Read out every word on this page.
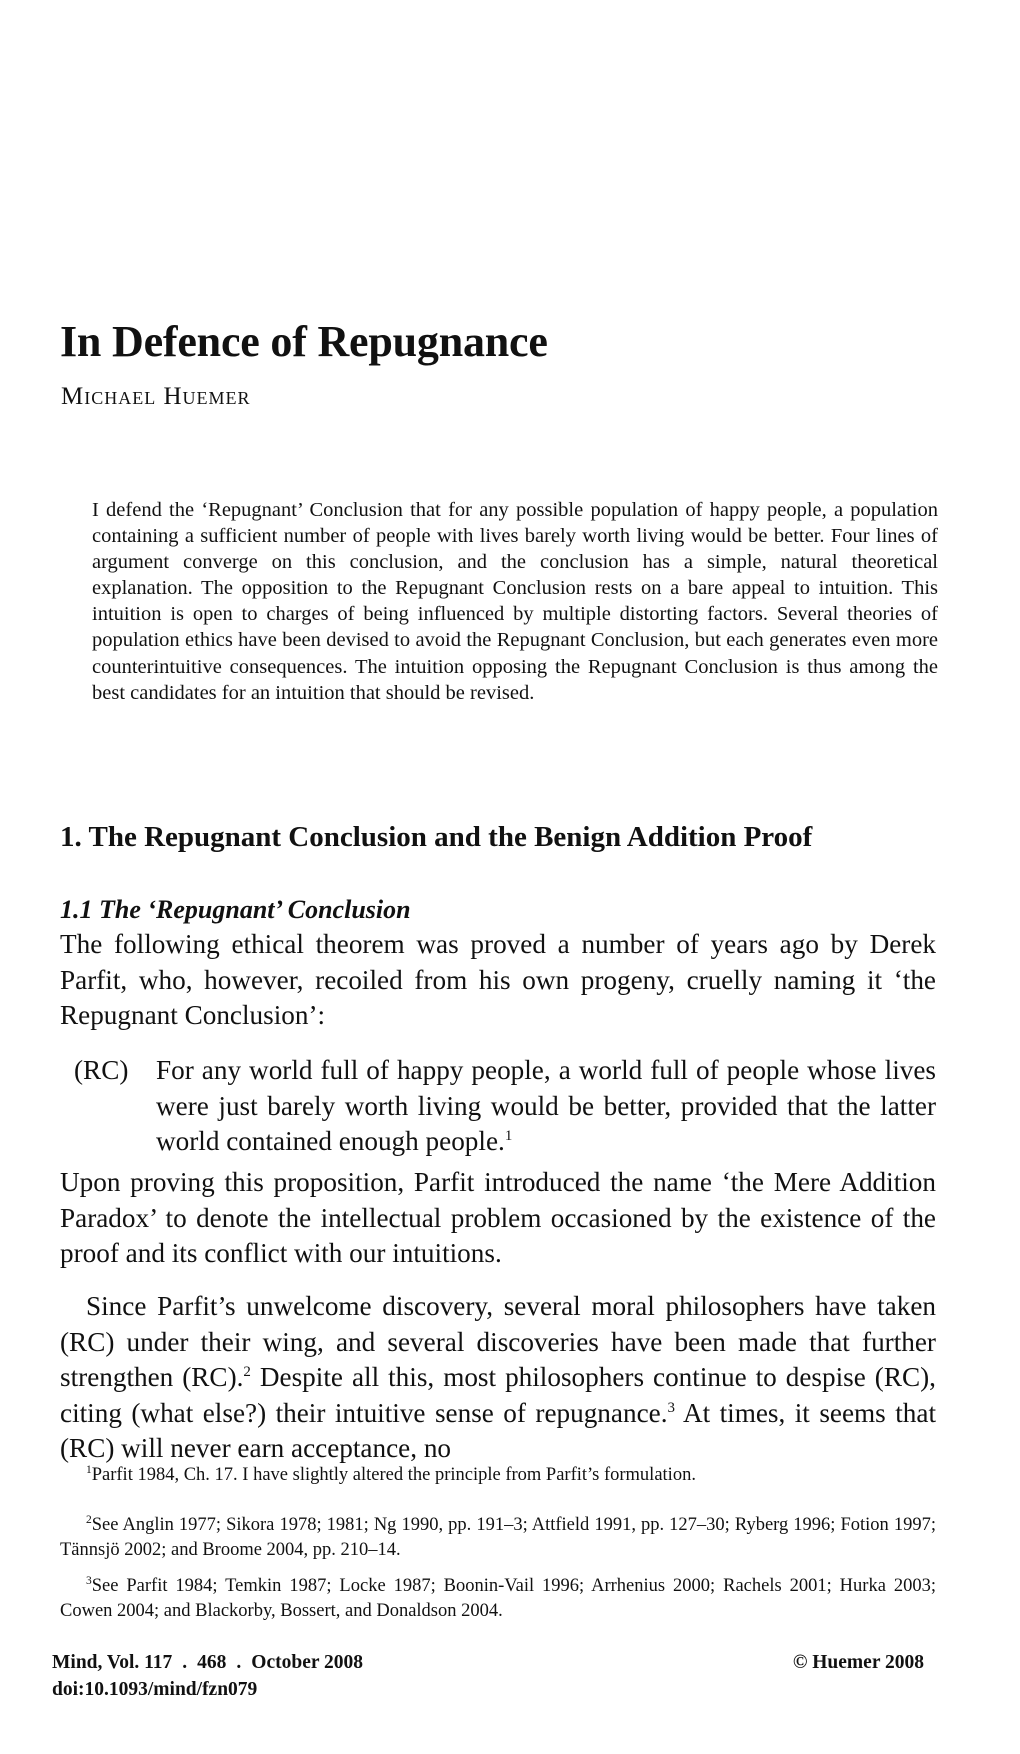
In Defence of Repugnance

Michael Huemer

I defend the ‘Repugnant’ Conclusion that for any possible population of happy people, a population containing a sufficient number of people with lives barely worth living would be better. Four lines of argument converge on this conclusion, and the conclusion has a simple, natural theoretical explanation. The opposition to the Repugnant Conclusion rests on a bare appeal to intuition. This intuition is open to charges of being influenced by multiple distorting factors. Several theories of population ethics have been devised to avoid the Repugnant Conclusion, but each generates even more counterintuitive consequences. The intuition opposing the Repugnant Conclusion is thus among the best candidates for an intuition that should be revised.

1. The Repugnant Conclusion and the Benign Addition Proof
1.1 The ‘Repugnant’ Conclusion

The following ethical theorem was proved a number of years ago by Derek Parfit, who, however, recoiled from his own progeny, cruelly naming it ‘the Repugnant Conclusion’:

(RC) For any world full of happy people, a world full of people whose lives were just barely worth living would be better, provided that the latter world contained enough people.$^1$

Upon proving this proposition, Parfit introduced the name ‘the Mere Addition Paradox’ to denote the intellectual problem occasioned by the existence of the proof and its conflict with our intuitions.

Since Parfit’s unwelcome discovery, several moral philosophers have taken (RC) under their wing, and several discoveries have been made that further strengthen (RC).$^2$ Despite all this, most philosophers continue to despise (RC), citing (what else?) their intuitive sense of repugnance.$^3$ At times, it seems that (RC) will never earn acceptance, no

$^1$Parfit 1984, Ch. 17. I have slightly altered the principle from Parfit’s formulation.

$^2$See Anglin 1977; Sikora 1978; 1981; Ng 1990, pp. 191–3; Attfield 1991, pp. 127–30; Ryberg 1996; Fotion 1997; Tännsjö 2002; and Broome 2004, pp. 210–14.

$^3$See Parfit 1984; Temkin 1987; Locke 1987; Boonin-Vail 1996; Arrhenius 2000; Rachels 2001; Hurka 2003; Cowen 2004; and Blackorby, Bossert, and Donaldson 2004.

Mind, Vol. 117 . 468 . October 2008
doi:10.1093/mind/fzn079
© Huemer 2008
